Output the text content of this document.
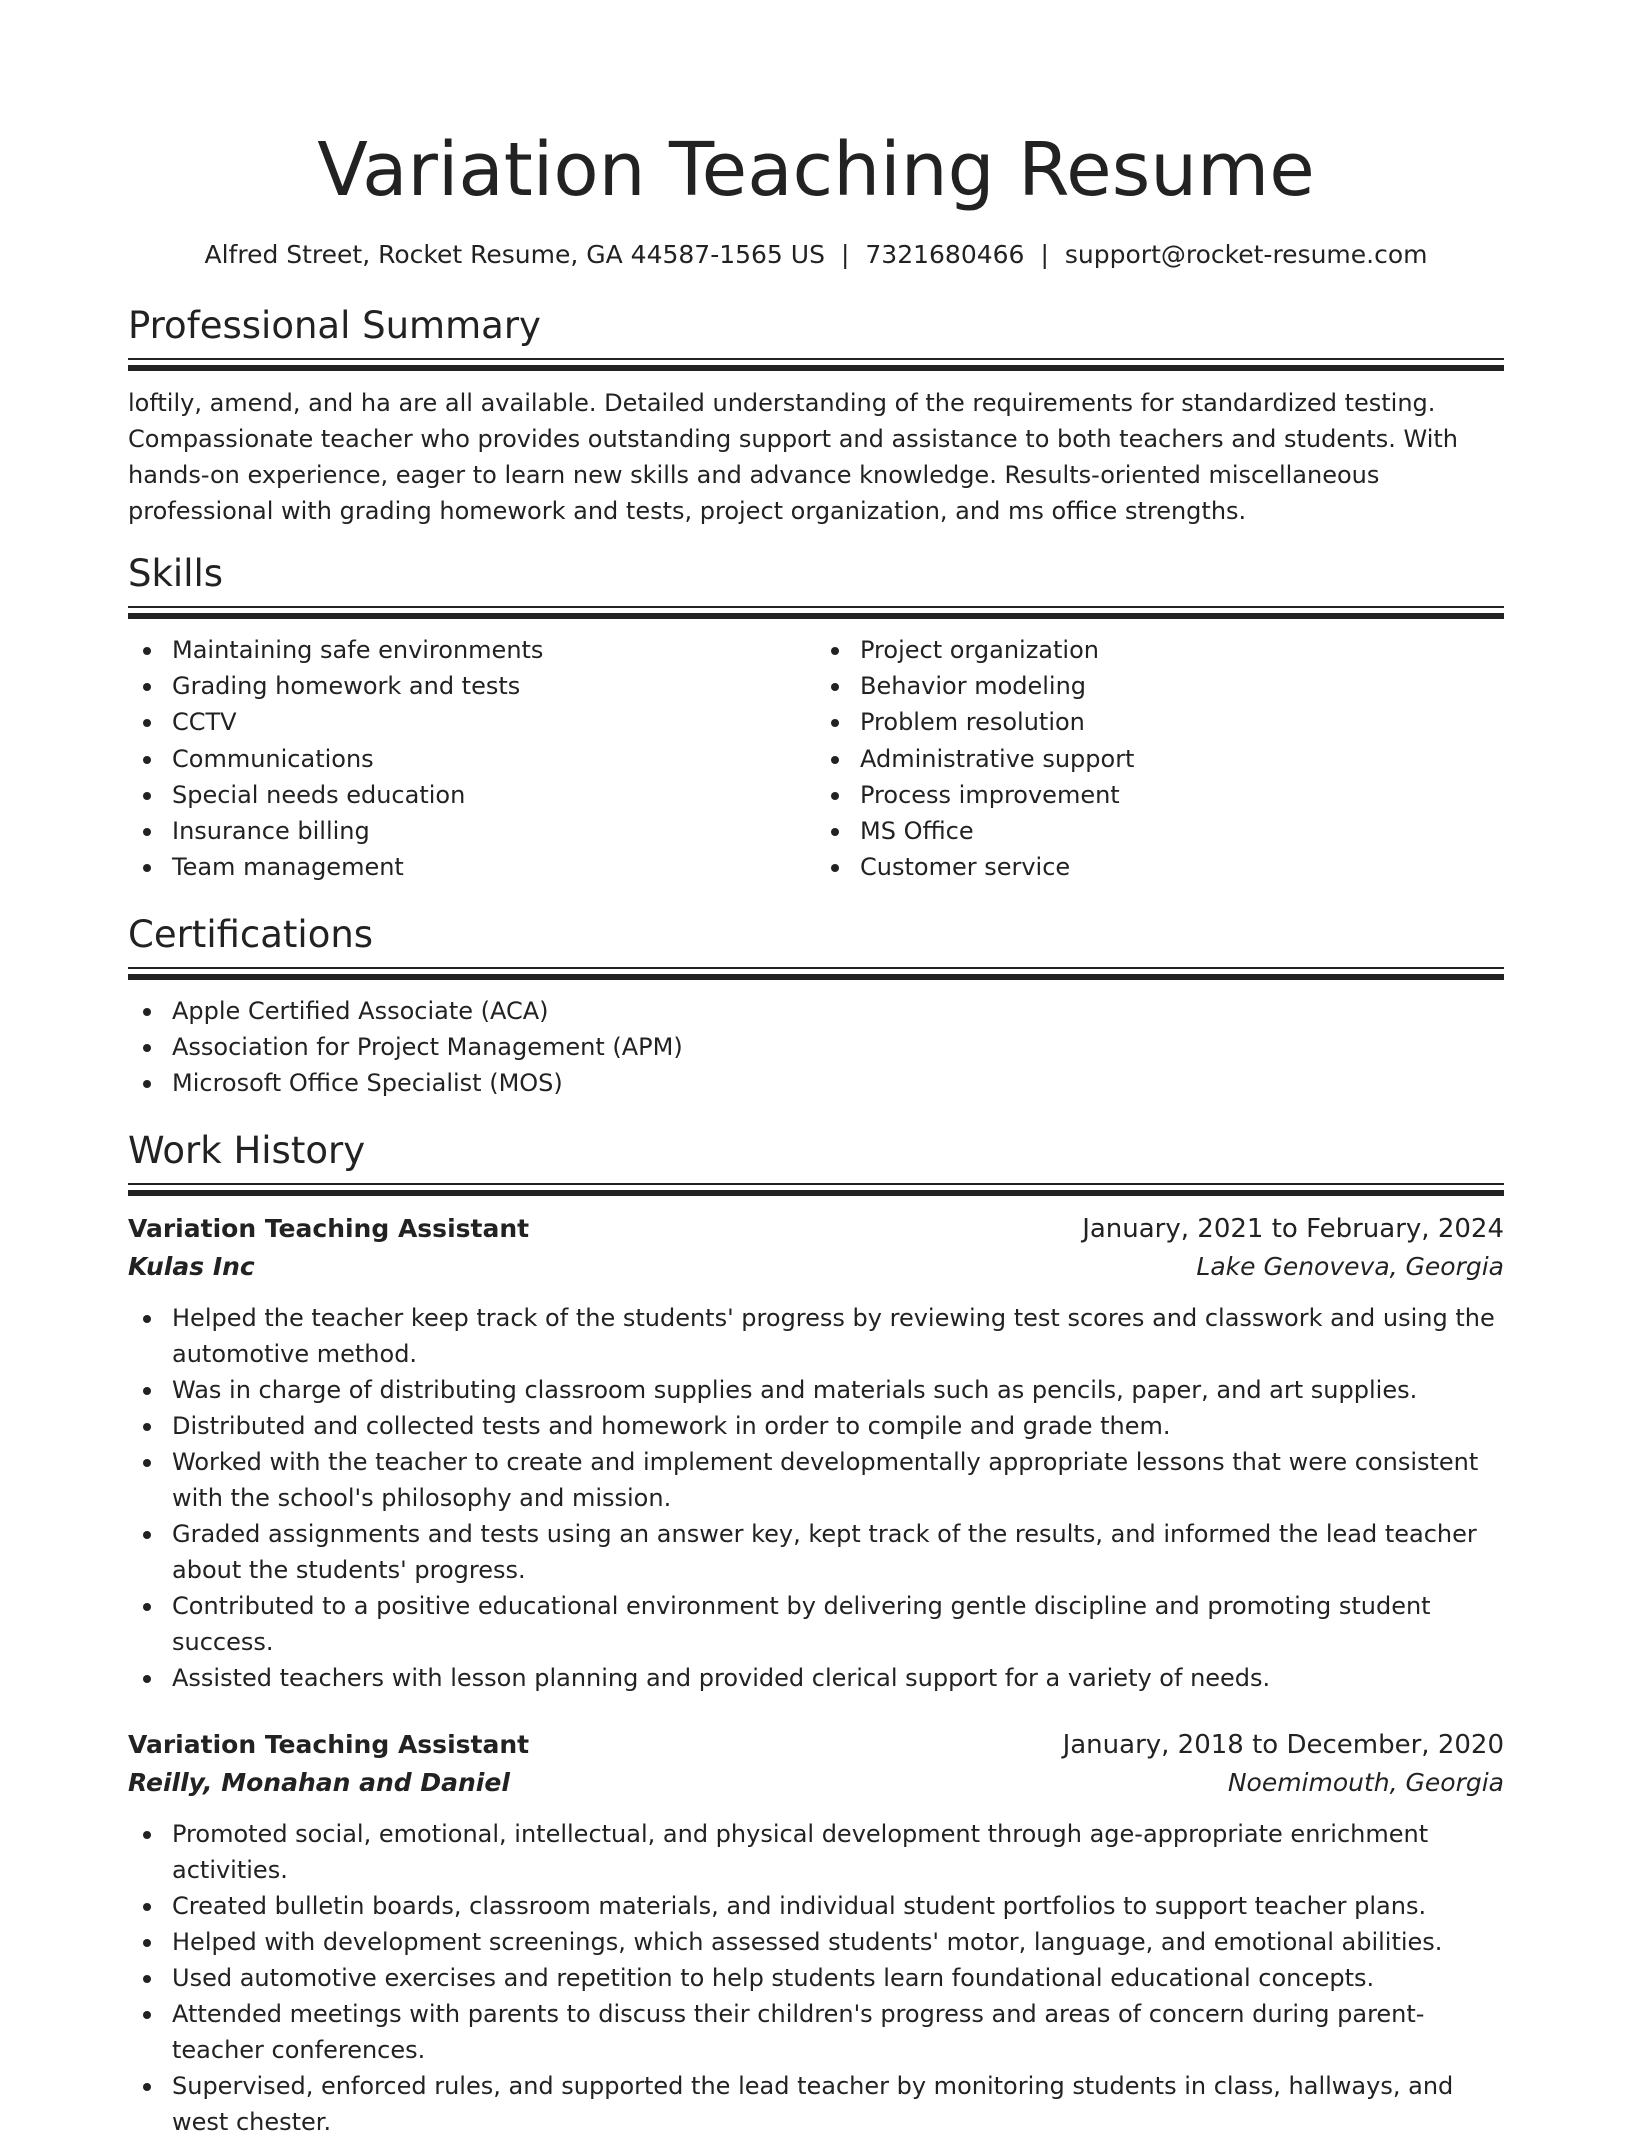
Variation Teaching Resume
Alfred Street, Rocket Resume, GA 44587-1565 US | 7321680466 | support@rocket-resume.com
Professional Summary

loftily, amend, and ha are all available. Detailed understanding of the requirements for standardized testing. Compassionate teacher who provides outstanding support and assistance to both teachers and students. With hands-on experience, eager to learn new skills and advance knowledge. Results-oriented miscellaneous professional with grading homework and tests, project organization, and ms office strengths.

Skills
Maintaining safe environments
Grading homework and tests
CCTV
Communications
Special needs education
Insurance billing
Team management
Project organization
Behavior modeling
Problem resolution
Administrative support
Process improvement
MS Office
Customer service
Certifications
Apple Certified Associate (ACA)
Association for Project Management (APM)
Microsoft Office Specialist (MOS)
Work History
Variation Teaching Assistant	January, 2021 to February, 2024
Kulas Inc	Lake Genoveva, Georgia
Helped the teacher keep track of the students' progress by reviewing test scores and classwork and using the automotive method.
Was in charge of distributing classroom supplies and materials such as pencils, paper, and art supplies.
Distributed and collected tests and homework in order to compile and grade them.
Worked with the teacher to create and implement developmentally appropriate lessons that were consistent with the school's philosophy and mission.
Graded assignments and tests using an answer key, kept track of the results, and informed the lead teacher about the students' progress.
Contributed to a positive educational environment by delivering gentle discipline and promoting student success.
Assisted teachers with lesson planning and provided clerical support for a variety of needs.
Variation Teaching Assistant	January, 2018 to December, 2020
Reilly, Monahan and Daniel	Noemimouth, Georgia
Promoted social, emotional, intellectual, and physical development through age-appropriate enrichment activities.
Created bulletin boards, classroom materials, and individual student portfolios to support teacher plans.
Helped with development screenings, which assessed students' motor, language, and emotional abilities.
Used automotive exercises and repetition to help students learn foundational educational concepts.
Attended meetings with parents to discuss their children's progress and areas of concern during parent-teacher conferences.
Supervised, enforced rules, and supported the lead teacher by monitoring students in class, hallways, and west chester.
